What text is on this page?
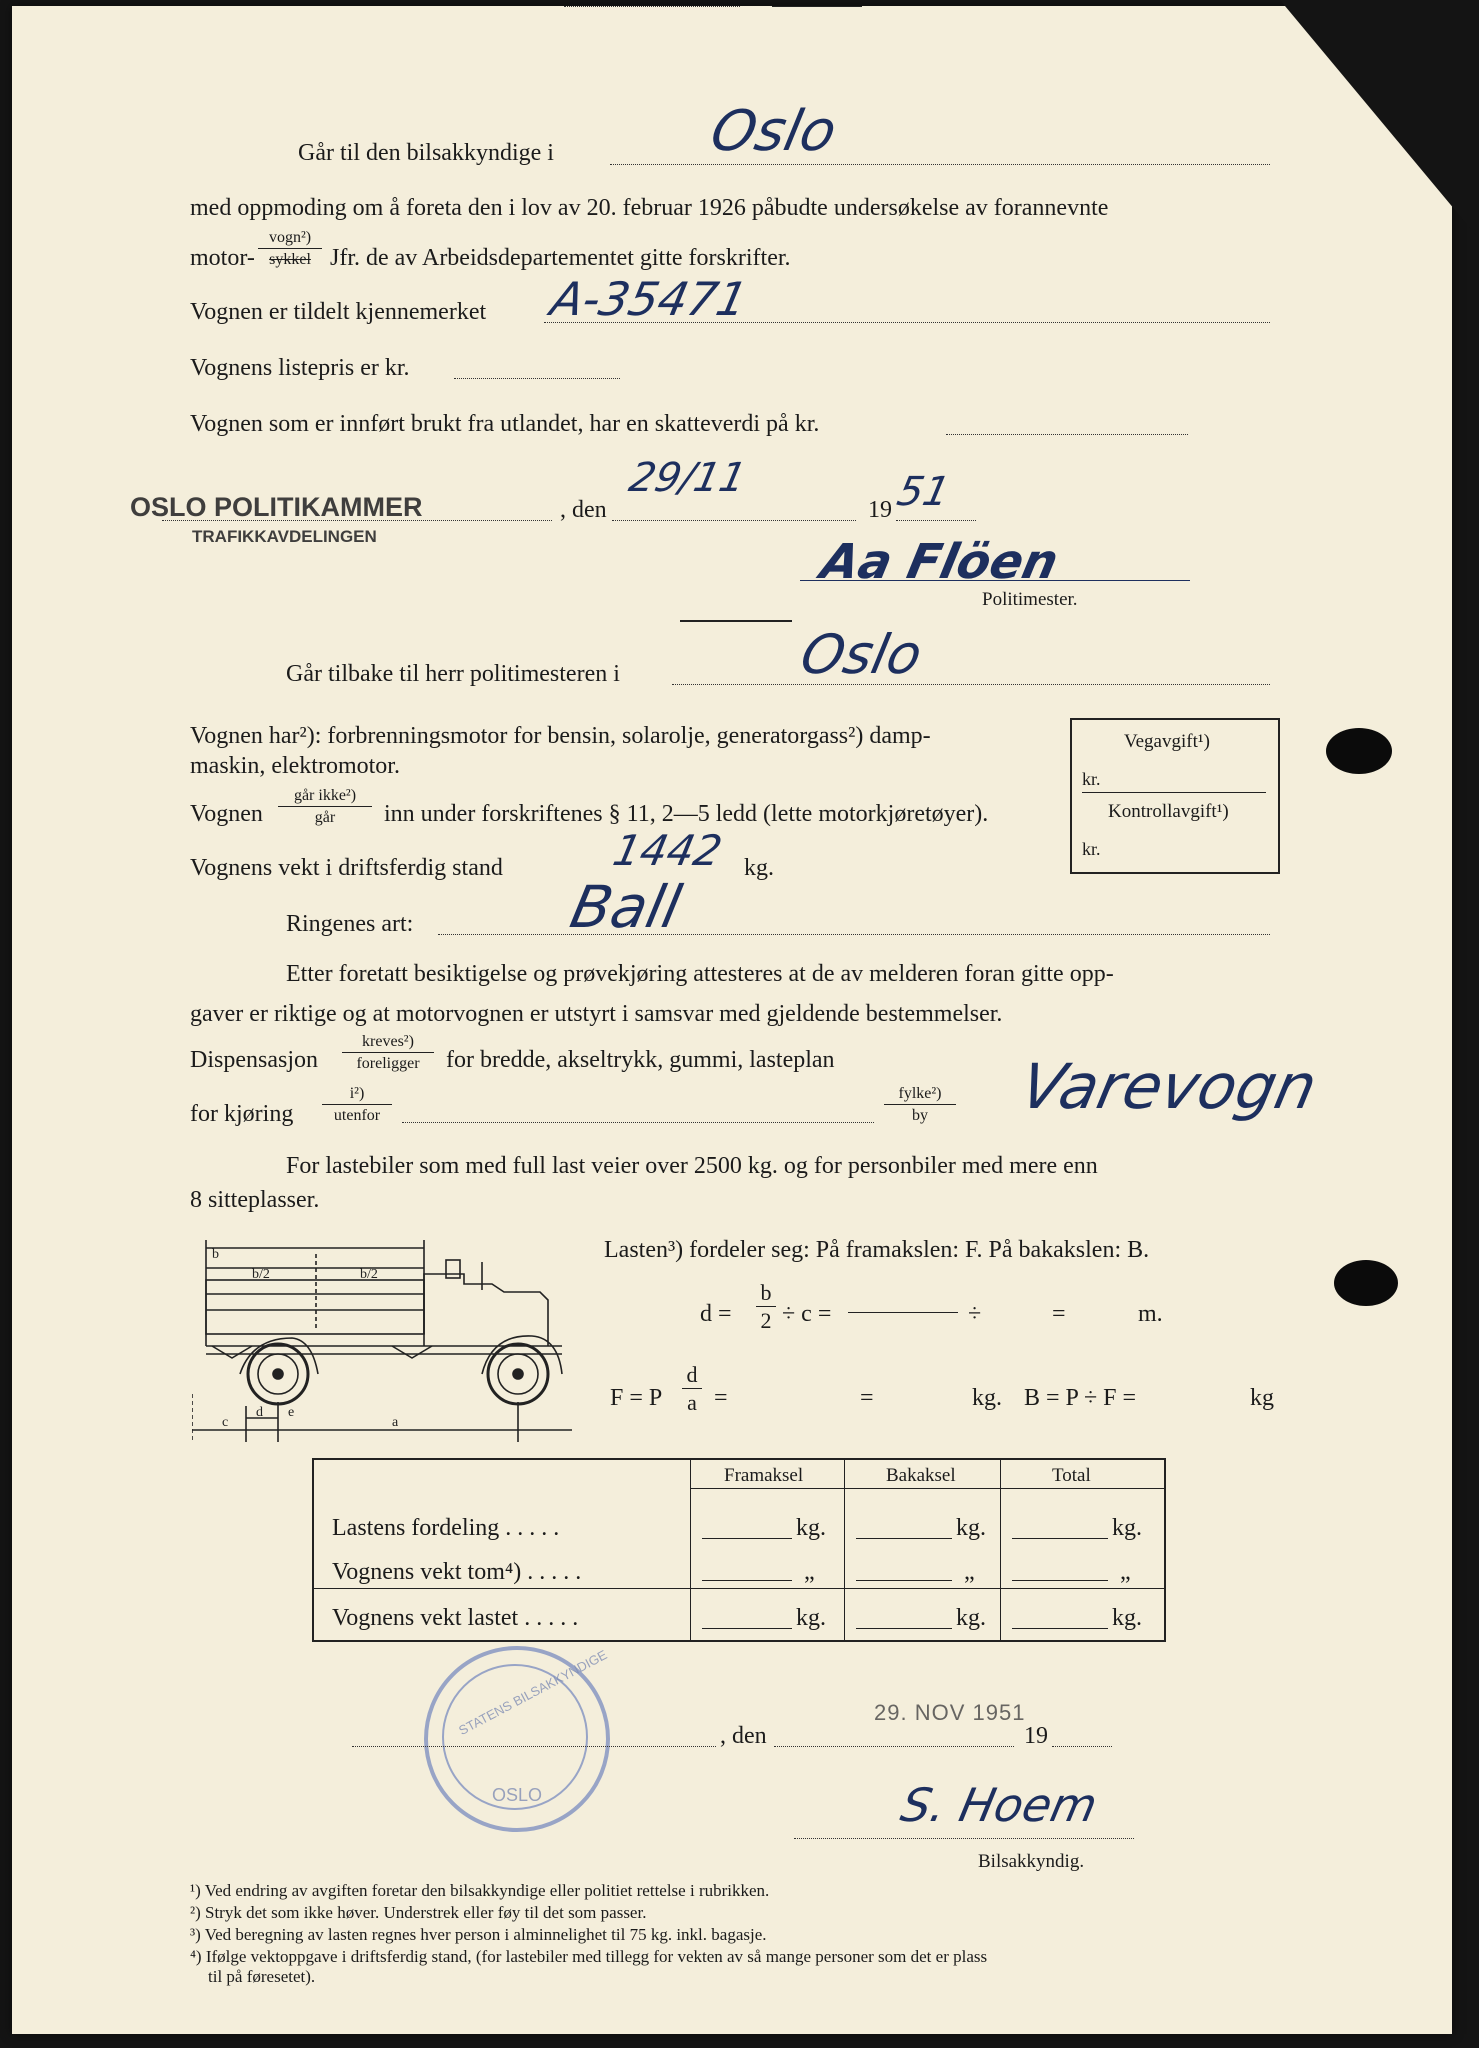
Går til den bilsakkyndige i	Oslo
med oppmoding om å foreta den i lov av 20. februar 1926 påbudte undersøkelse av forannevnte
motor-
vogn²)
sykkel Jfr. de av Arbeidsdepartementet gitte forskrifter.
Vognen er tildelt kjennemerket A-35471
Vognens listepris er kr.
Vognen som er innført brukt fra utlandet, har en skatteverdi på kr.
OSLO POLITIKAMMER
TRAFIKKAVDELINGEN
, den
29/11
19 51
Aa Flöen
Politimester.
Går tilbake til herr politimesteren i	Oslo
Vognen har²): forbrenningsmotor for bensin, solarolje, generatorgass²) damp-
maskin, elektromotor.
Vegavgift¹)
kr.
Kontrollavgift¹)
kr.
Vognen
går ikke²)
går	inn under forskriftenes § 11, 2—5 ledd (lette motorkjøretøyer).
Vognens vekt i driftsferdig stand	1442 kg.
Ringenes art:	Ball
Etter foretatt besiktigelse og prøvekjøring attesteres at de av melderen foran gitte opp-
gaver er riktige og at motorvognen er utstyrt i samsvar med gjeldende bestemmelser.
Dispensasjon
kreves²)
foreligger	for bredde, akseltrykk, gummi, lasteplan
for kjøring
i²)
utenfor
fylke²)
by	Varevogn
For lastebiler som med full last veier over 2500 kg. og for personbiler med mere enn
8 sitteplasser.
b
b/2	b/2
d
a
c
e
Lasten³) fordeler seg: På framakslen: F. På bakakslen: B.
$d = \frac{b}{2} \div c$ =	÷	=	m.
F = P $\frac{d}{a}$ =	=	kg. B = P ÷ F =	kg
Framaksel	Bakaksel	Total
Lastens fordeling . . . . .	kg.	kg.	kg.
Vognens vekt tom⁴) . . . . .	„	„	„
Vognens vekt lastet . . . . .	kg.	kg.	kg.
STATENS BILSAKKYNDIGE
OSLO
29. NOV 1951
, den	19
S. Hoem
Bilsakkyndig.
¹) Ved endring av avgiften foretar den bilsakkyndige eller politiet rettelse i rubrikken.
²) Stryk det som ikke høver. Understrek eller føy til det som passer.
³) Ved beregning av lasten regnes hver person i alminnelighet til 75 kg. inkl. bagasje.
⁴) Ifølge vektoppgave i driftsferdig stand, (for lastebiler med tillegg for vekten av så mange personer som det er plass
til på føresetet).
